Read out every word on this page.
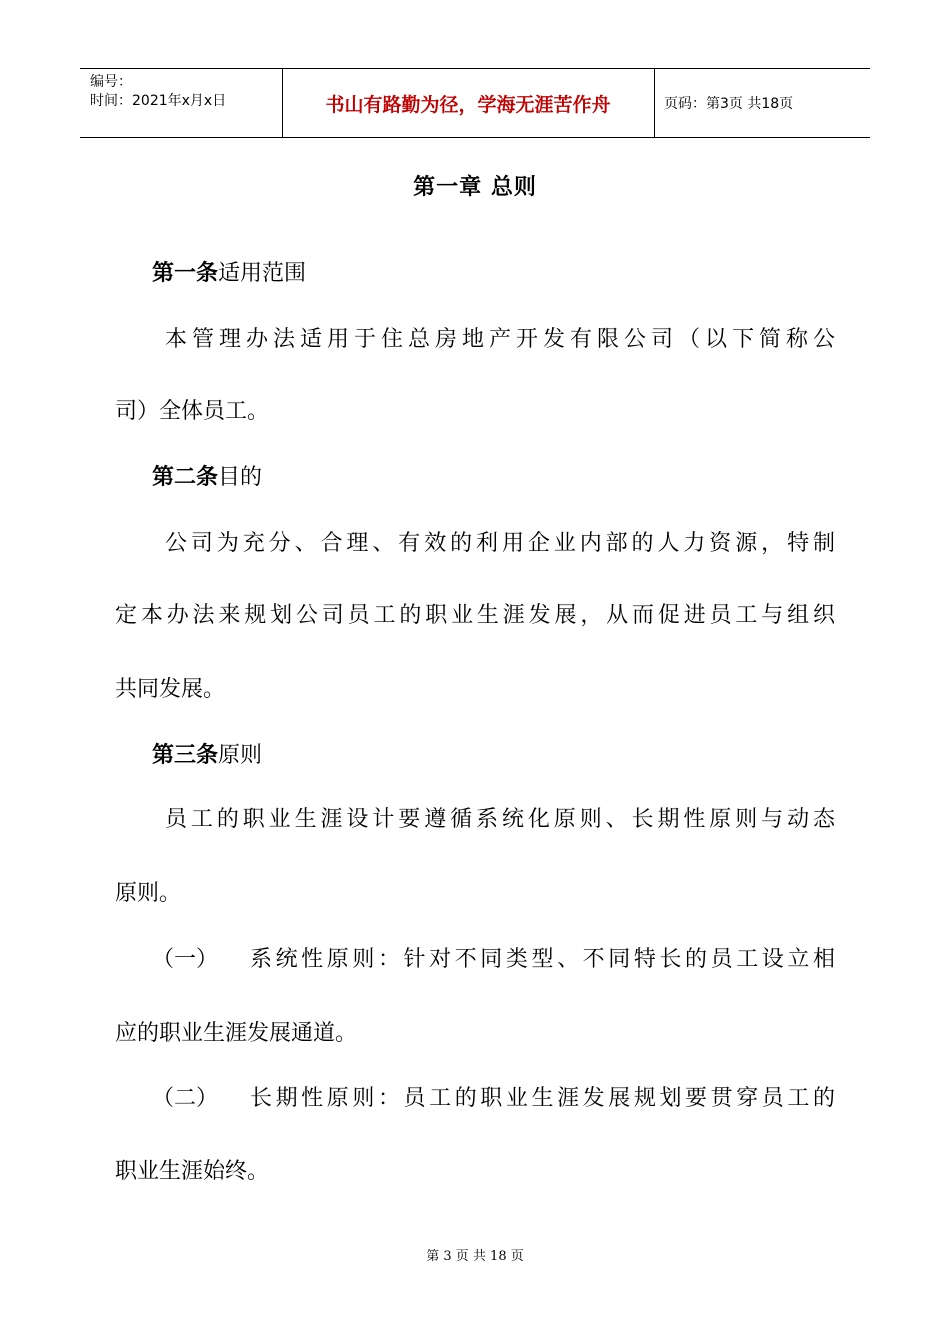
编号：
时间：2021年x月x日	书山有路勤为径，学海无涯苦作舟	页码：第3页 共18页
第一章 总则
第一条适用范围
本管理办法适用于住总房地产开发有限公司（以下简称公
司）全体员工。
第二条目的
公司为充分、合理、有效的利用企业内部的人力资源，特制
定本办法来规划公司员工的职业生涯发展，从而促进员工与组织
共同发展。
第三条原则
员工的职业生涯设计要遵循系统化原则、长期性原则与动态
原则。
（一） 系统性原则：针对不同类型、不同特长的员工设立相
应的职业生涯发展通道。
（二） 长期性原则：员工的职业生涯发展规划要贯穿员工的
职业生涯始终。
第 3 页 共 18 页
